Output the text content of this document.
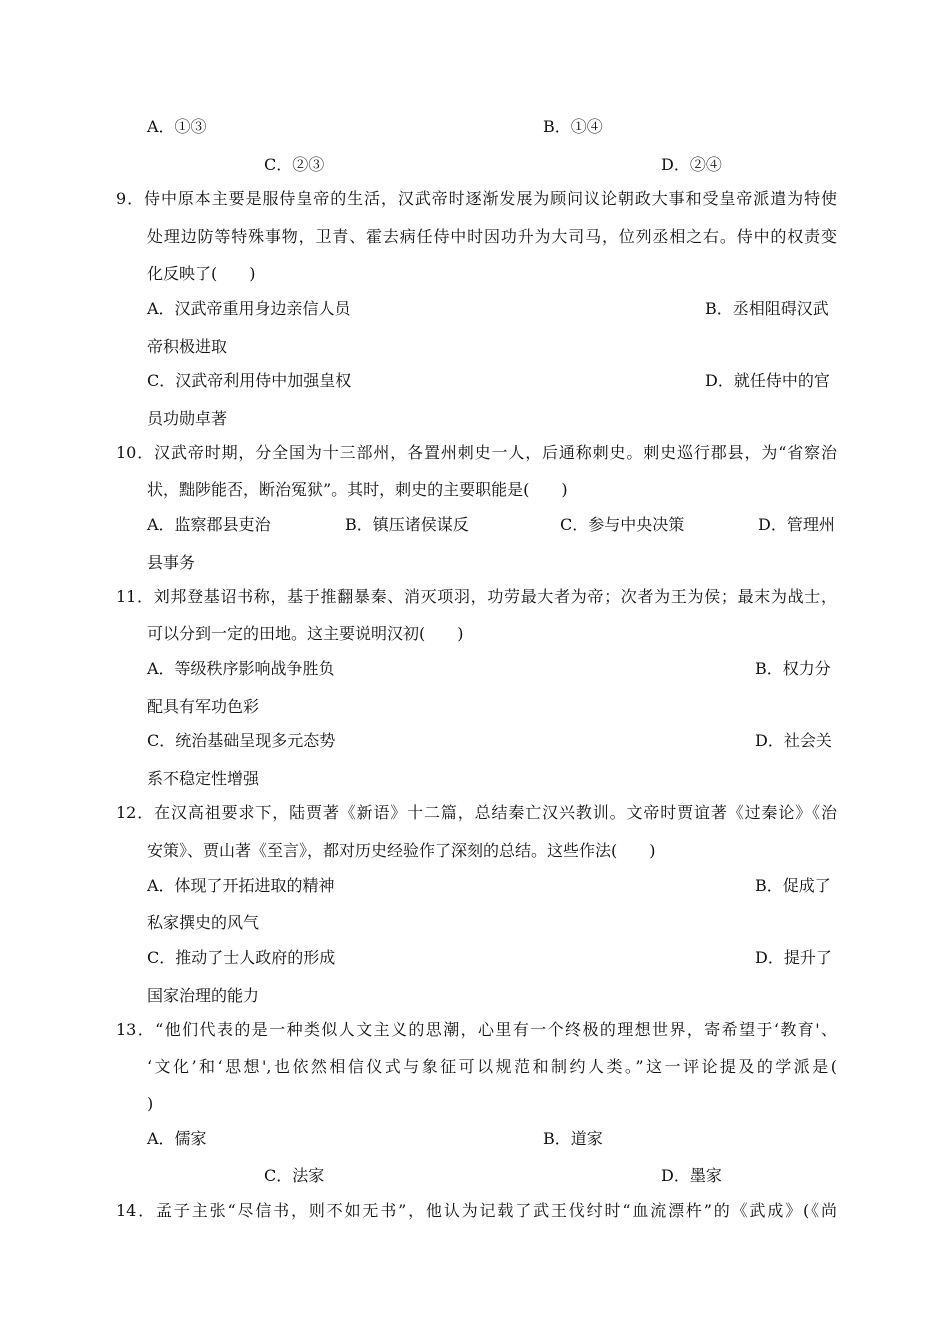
A．①③	B．①④
C．②③	D．②④
9．侍中原本主要是服侍皇帝的生活，汉武帝时逐渐发展为顾问议论朝政大事和受皇帝派遣为特使
处理边防等特殊事物，卫青、霍去病任侍中时因功升为大司马，位列丞相之右。侍中的权责变
化反映了(　　)
A．汉武帝重用身边亲信人员	B．丞相阻碍汉武
帝积极进取
C．汉武帝利用侍中加强皇权	D．就任侍中的官
员功勋卓著
10．汉武帝时期，分全国为十三部州，各置州刺史一人，后通称刺史。刺史巡行郡县，为“省察治
状，黜陟能否，断治冤狱”。其时，刺史的主要职能是(　　)
A．监察郡县吏治	B．镇压诸侯谋反	C．参与中央决策	D．管理州
县事务
11．刘邦登基诏书称，基于推翻暴秦、消灭项羽，功劳最大者为帝；次者为王为侯；最末为战士，
可以分到一定的田地。这主要说明汉初(　　)
A．等级秩序影响战争胜负	B．权力分
配具有军功色彩
C．统治基础呈现多元态势	D．社会关
系不稳定性增强
12．在汉高祖要求下，陆贾著《新语》十二篇，总结秦亡汉兴教训。文帝时贾谊著《过秦论》《治
安策》、贾山著《至言》，都对历史经验作了深刻的总结。这些作法(　　)
A．体现了开拓进取的精神	B．促成了
私家撰史的风气
C．推动了士人政府的形成	D．提升了
国家治理的能力
13．“他们代表的是一种类似人文主义的思潮，心里有一个终极的理想世界，寄希望于‘教育'、
‘文化’和‘思想',也依然相信仪式与象征可以规范和制约人类。”这一评论提及的学派是(
)
A．儒家	B．道家
C．法家	D．墨家
14．孟子主张“尽信书，则不如无书”，他认为记载了武王伐纣时“血流漂杵”的《武成》(《尚
